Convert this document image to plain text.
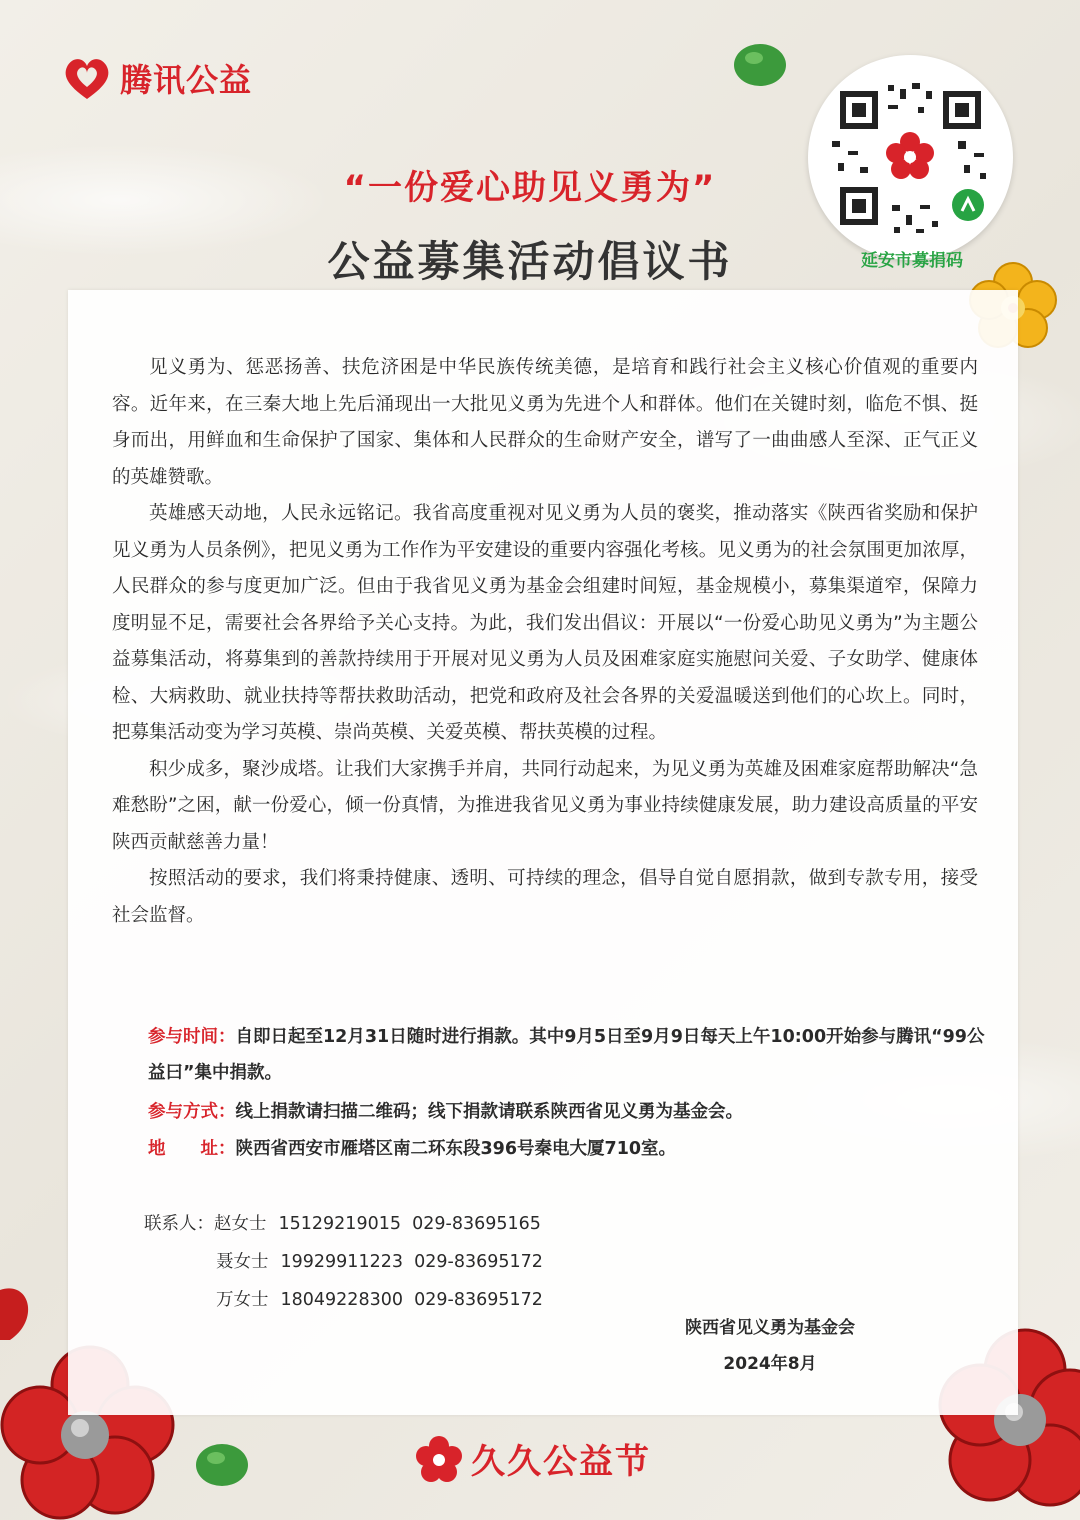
腾讯公益
“一份爱心助见义勇为”
公益募集活动倡议书	延安市募捐码

见义勇为、惩恶扬善、扶危济困是中华民族传统美德，是培育和践行社会主义核心价值观的重要内容。近年来，在三秦大地上先后涌现出一大批见义勇为先进个人和群体。他们在关键时刻，临危不惧、挺身而出，用鲜血和生命保护了国家、集体和人民群众的生命财产安全，谱写了一曲曲感人至深、正气正义的英雄赞歌。

英雄感天动地，人民永远铭记。我省高度重视对见义勇为人员的褒奖，推动落实《陕西省奖励和保护见义勇为人员条例》，把见义勇为工作作为平安建设的重要内容强化考核。见义勇为的社会氛围更加浓厚，人民群众的参与度更加广泛。但由于我省见义勇为基金会组建时间短，基金规模小，募集渠道窄，保障力度明显不足，需要社会各界给予关心支持。为此，我们发出倡议：开展以“一份爱心助见义勇为”为主题公益募集活动，将募集到的善款持续用于开展对见义勇为人员及困难家庭实施慰问关爱、子女助学、健康体检、大病救助、就业扶持等帮扶救助活动，把党和政府及社会各界的关爱温暖送到他们的心坎上。同时，把募集活动变为学习英模、崇尚英模、关爱英模、帮扶英模的过程。

积少成多，聚沙成塔。让我们大家携手并肩，共同行动起来，为见义勇为英雄及困难家庭帮助解决“急难愁盼”之困，献一份爱心，倾一份真情，为推进我省见义勇为事业持续健康发展，助力建设高质量的平安陕西贡献慈善力量！

按照活动的要求，我们将秉持健康、透明、可持续的理念，倡导自觉自愿捐款，做到专款专用，接受社会监督。

参与时间：自即日起至12月31日随时进行捐款。其中9月5日至9月9日每天上午10:00开始参与腾讯“99公益曰”集中捐款。
参与方式：线上捐款请扫描二维码；线下捐款请联系陕西省见义勇为基金会。
地　　址：陕西省西安市雁塔区南二环东段396号秦电大厦710室。
联系人： 赵女士 15129219015  029-83695165
聂女士 19929911223  029-83695172
万女士 18049228300  029-83695172
陕西省见义勇为基金会
2024年8月
久久公益节
